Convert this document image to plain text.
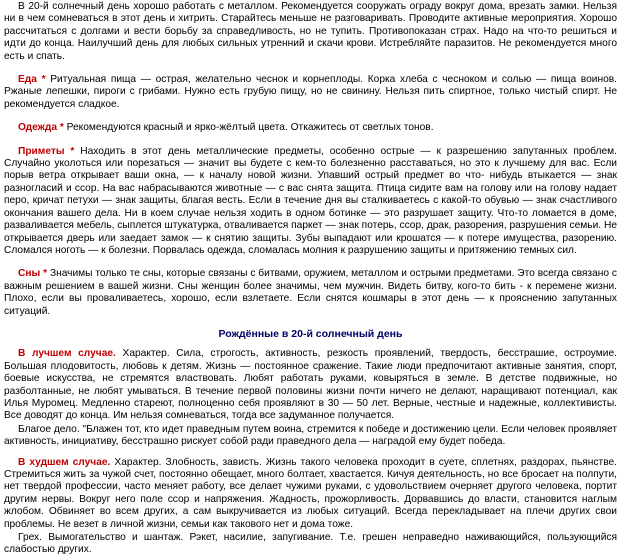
В 20-й солнечный день хорошо работать с металлом. Рекомендуется сооружать ограду вокруг дома, врезать замки. Нельзя ни в чем сомневаться в этот день и хитрить. Старайтесь меньше не разговаривать. Проводите активные мероприятия. Хорошо рассчитаться с долгами и вести борьбу за справедливость, но не тупить. Противопоказан страх. Надо на что-то решиться и идти до конца. Наилучший день для любых сильных утренний и скачи крови. Истребляйте паразитов. Не рекомендуется много есть и спать.

Еда * Ритуальная пища — острая, желательно чеснок и корнеплоды. Корка хлеба с чесноком и солью — пища воинов. Ржаные лепешки, пироги с грибами. Нужно есть грубую пищу, но не свинину. Нельзя пить спиртное, только чистый спирт. Не рекомендуется сладкое.

Одежда * Рекомендуются красный и ярко-жёлтый цвета. Откажитесь от светлых тонов.

Приметы * Находить в этот день металлические предметы, особенно острые — к разрешению запутанных проблем. Случайно уколоться или порезаться — значит вы будете с кем-то болезненно расставаться, но это к лучшему для вас. Если порыв ветра открывает ваши окна, — к началу новой жизни. Упавший острый предмет во что- нибудь втыкается — знак разногласий и ссор. На вас набрасываются животные — с вас снята защита. Птица сидите вам на голову или на голову надает перо, кричат петухи — знак защиты, благая весть. Если в течение дня вы сталкиваетесь с какой-то обувью — знак счастливого окончания вашего дела. Ни в коем случае нельзя ходить в одном ботинке — это разрушает защиту. Что-то ломается в доме, разваливается мебель, сыплется штукатурка, отваливается паркет — знак потерь, ссор, драк, разорения, разрушения семьи. Не открывается дверь или заедает замок — к снятию защиты. Зубы выпадают или крошатся — к потере имущества, разорению. Сломался ноготь — к болезни. Порвалась одежда, сломалась молния к разрушению защиты и притяжению темных сил.

Сны * Значимы только те сны, которые связаны с битвами, оружием, металлом и острыми предметами. Это всегда связано с важным решением в вашей жизни. Сны женщин более значимы, чем мужчин. Видеть битву, кого-то бить - к перемене жизни. Плохо, если вы проваливаетесь, хорошо, если взлетаете. Если снятся кошмары в этот день — к прояснению запутанных ситуаций.

Рождённые в 20-й солнечный день

В лучшем случае. Характер. Сила, строгость, активность, резкость проявлений, твердость, бесстрашие, остроумие. Большая плодовитость, любовь к детям. Жизнь — постоянное сражение. Такие люди предпочитают активные занятия, спорт, боевые искусства, не стремятся властвовать. Любят работать руками, ковыряться в земле. В детстве подвижные, но разболтанные, не любят умываться. В течение первой половины жизни почти ничего не делают, наращивают потенциал, как Илья Муромец. Медленно стареют, полноценно себя проявляют в 30 — 50 лет. Верные, честные и надежные, коллективисты. Все доводят до конца. Им нельзя сомневаться, тогда все задуманное получается.

Благое дело. "Блажен тот, кто идет праведным путем воина, стремится к победе и достижению цели. Если человек проявляет активность, инициативу, бесстрашно рискует собой ради праведного дела — наградой ему будет победа.

В худшем случае. Характер. Злобность, зависть. Жизнь такого человека проходит в суете, сплетнях, раздорах, пьянстве. Стремиться жить за чужой счет, постоянно обещает, много болтает, хвастается. Кичуя деятельность, но все бросает на полпути, нет твердой профессии, часто меняет работу, все делает чужими руками, с удовольствием очерняет другого человека, портит другим нервы. Вокруг него поле ссор и напряжения. Жадность, прожорливость. Дорвавшись до власти, становится наглым жлобом. Обвиняет во всем других, а сам выкручивается из любых ситуаций. Всегда перекладывает на плечи других свои проблемы. Не везет в личной жизни, семьи как такового нет и дома тоже.

Грех. Вымогательство и шантаж. Рэкет, насилие, запугивание. Т.е. грешен неправедно наживающийся, пользующийся слабостью других.
